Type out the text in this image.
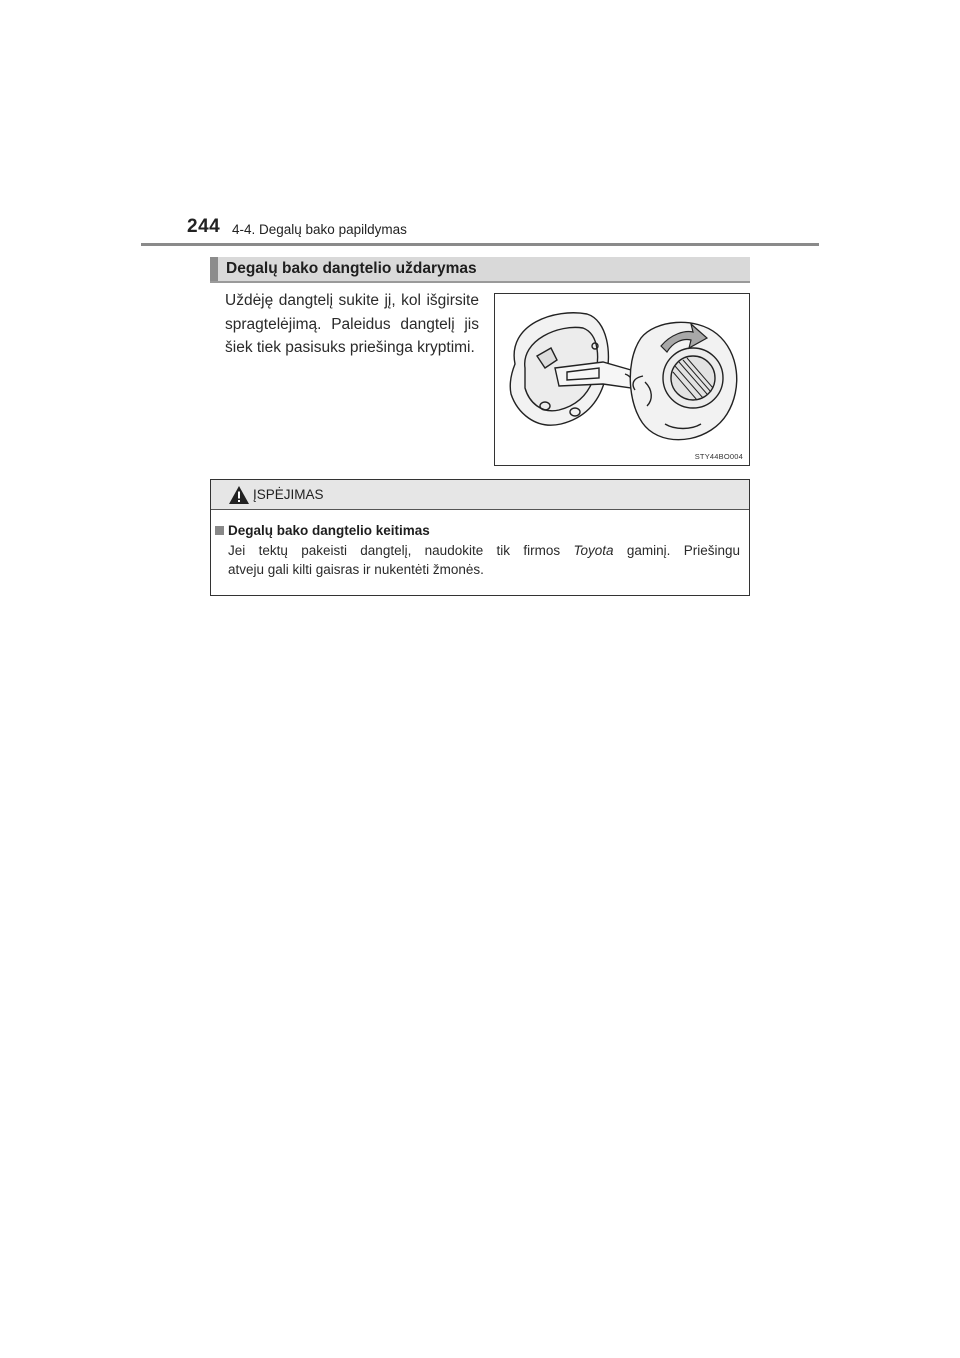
244 4-4. Degalų bako papildymas
Degalų bako dangtelio uždarymas
Uždėję dangtelį sukite jį, kol išgirsite spragtelėjimą. Paleidus dangtelį jis šiek tiek pasisuks priešinga kryptimi.
STY44BO004
ĮSPĖJIMAS
Degalų bako dangtelio keitimas
Jei tektų pakeisti dangtelį, naudokite tik firmos Toyota gaminį. Priešingu
atveju gali kilti gaisras ir nukentėti žmonės.
